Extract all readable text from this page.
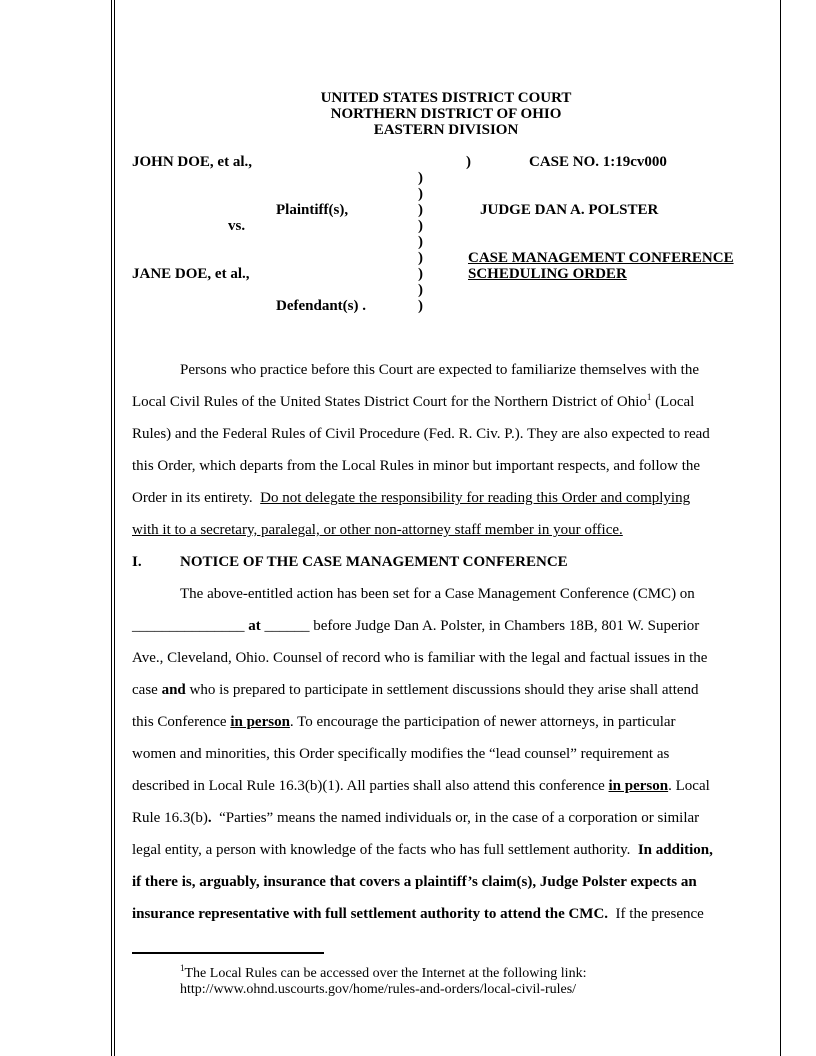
UNITED STATES DISTRICT COURT
NORTHERN DISTRICT OF OHIO
EASTERN DIVISION
JOHN DOE, et al.,
Plaintiff(s),
vs.
JANE DOE, et al.,
Defendant(s) .
)
)
)
)
)
)
)
)
)
)
CASE NO. 1:19cv000
JUDGE DAN A. POLSTER
CASE MANAGEMENT CONFERENCE
SCHEDULING ORDER
Persons who practice before this Court are expected to familiarize themselves with the
Local Civil Rules of the United States District Court for the Northern District of Ohio$^1$ (Local
Rules) and the Federal Rules of Civil Procedure (Fed. R. Civ. P.). They are also expected to read
this Order, which departs from the Local Rules in minor but important respects, and follow the
Order in its entirety.  Do not delegate the responsibility for reading this Order and complying
with it to a secretary, paralegal, or other non-attorney staff member in your office.
I.	NOTICE OF THE CASE MANAGEMENT CONFERENCE
The above-entitled action has been set for a Case Management Conference (CMC) on
_______________ at ______ before Judge Dan A. Polster, in Chambers 18B, 801 W. Superior
Ave., Cleveland, Ohio. Counsel of record who is familiar with the legal and factual issues in the
case and who is prepared to participate in settlement discussions should they arise shall attend
this Conference in person. To encourage the participation of newer attorneys, in particular
women and minorities, this Order specifically modifies the “lead counsel” requirement as
described in Local Rule 16.3(b)(1). All parties shall also attend this conference in person. Local
Rule 16.3(b).  “Parties” means the named individuals or, in the case of a corporation or similar
legal entity, a person with knowledge of the facts who has full settlement authority.  In addition,
if there is, arguably, insurance that covers a plaintiff’s claim(s), Judge Polster expects an
insurance representative with full settlement authority to attend the CMC.  If the presence
$^1$The Local Rules can be accessed over the Internet at the following link:
http://www.ohnd.uscourts.gov/home/rules-and-orders/local-civil-rules/
